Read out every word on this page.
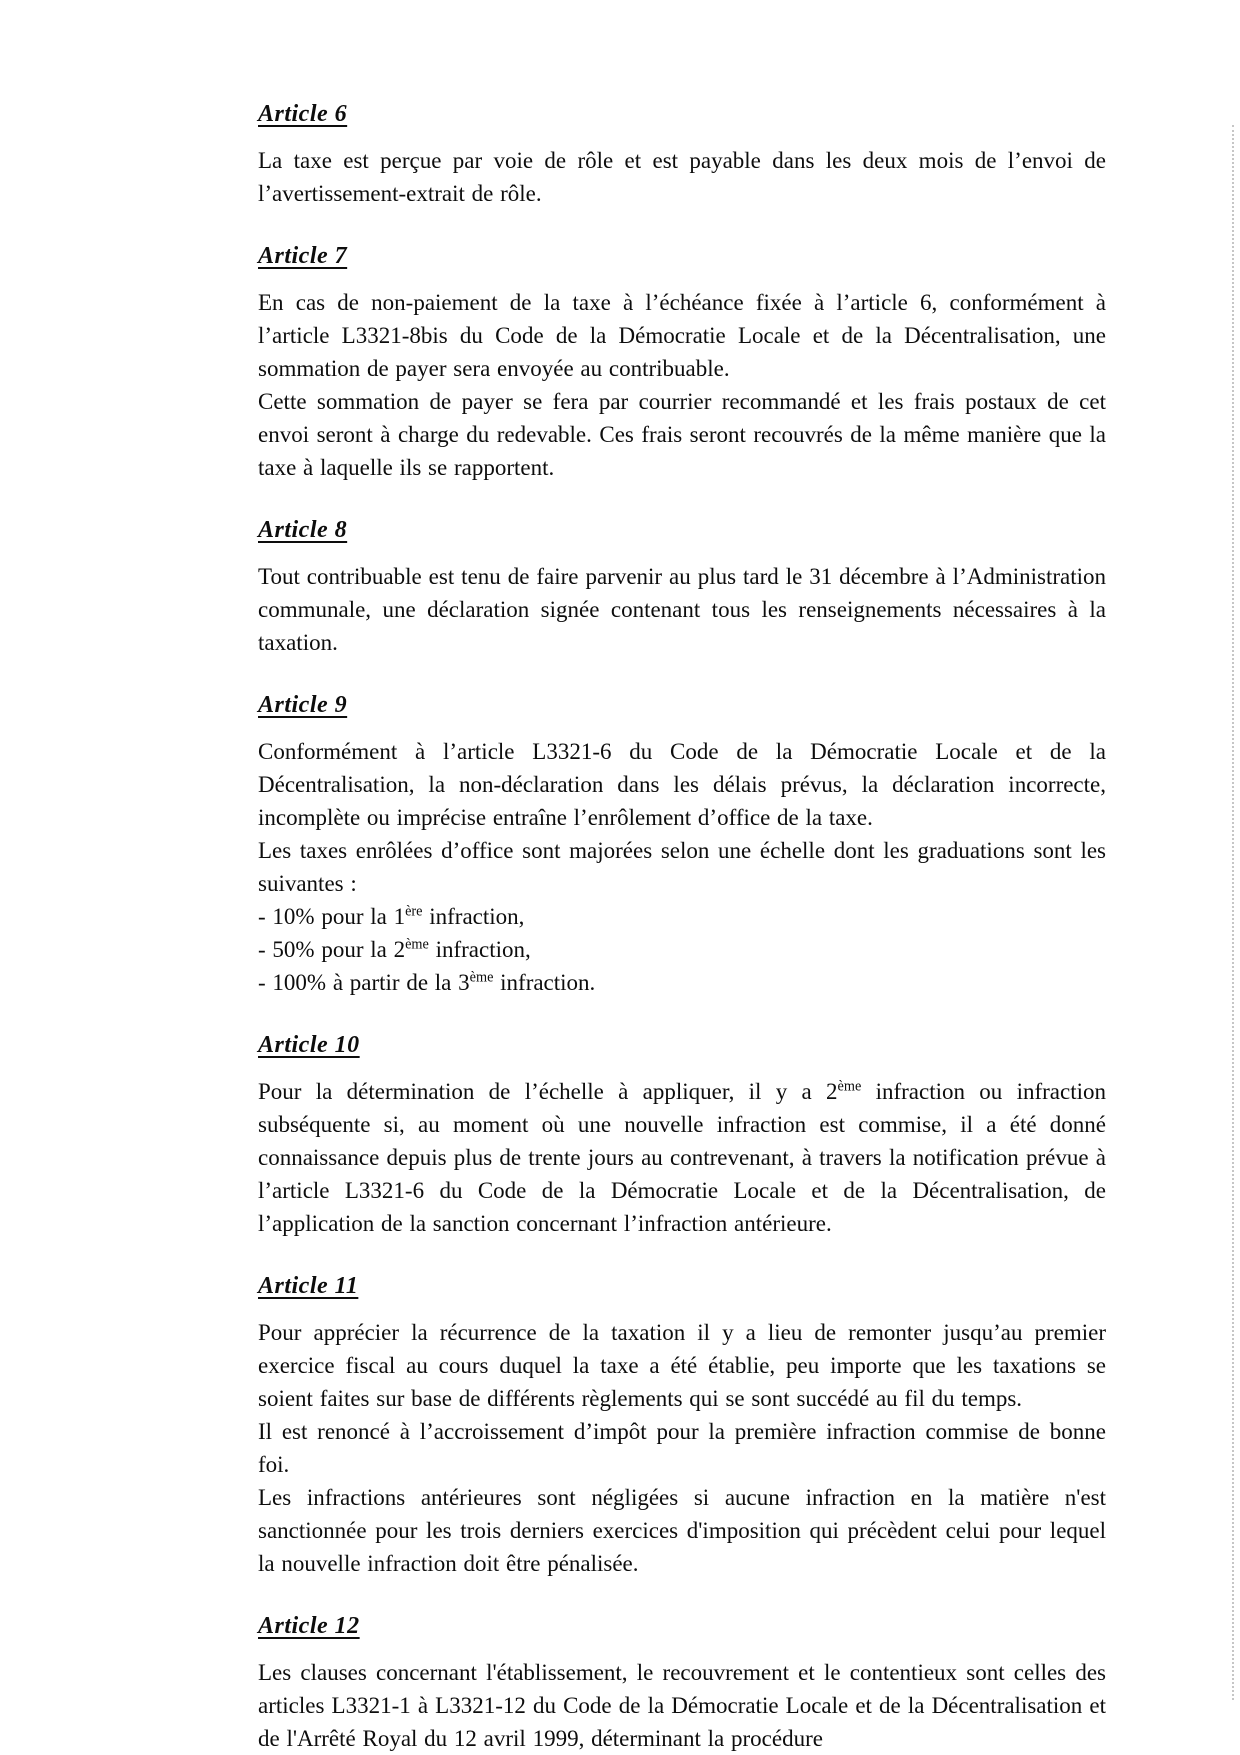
Article 6

La taxe est perçue par voie de rôle et est payable dans les deux mois de l’envoi de l’avertissement-extrait de rôle.

Article 7

En cas de non-paiement de la taxe à l’échéance fixée à l’article 6, conformément à l’article L3321-8bis du Code de la Démocratie Locale et de la Décentralisation, une sommation de payer sera envoyée au contribuable.

Cette sommation de payer se fera par courrier recommandé et les frais postaux de cet envoi seront à charge du redevable. Ces frais seront recouvrés de la même manière que la taxe à laquelle ils se rapportent.

Article 8

Tout contribuable est tenu de faire parvenir au plus tard le 31 décembre à l’Administration communale, une déclaration signée contenant tous les renseignements nécessaires à la taxation.

Article 9

Conformément à l’article L3321-6 du Code de la Démocratie Locale et de la Décentralisation, la non-déclaration dans les délais prévus, la déclaration incorrecte, incomplète ou imprécise entraîne l’enrôlement d’office de la taxe.

Les taxes enrôlées d’office sont majorées selon une échelle dont les graduations sont les suivantes :

- 10% pour la 1ère infraction,

- 50% pour la 2ème infraction,

- 100% à partir de la 3ème infraction.

Article 10

Pour la détermination de l’échelle à appliquer, il y a 2ème infraction ou infraction subséquente si, au moment où une nouvelle infraction est commise, il a été donné connaissance depuis plus de trente jours au contrevenant, à travers la notification prévue à l’article L3321-6 du Code de la Démocratie Locale et de la Décentralisation, de l’application de la sanction concernant l’infraction antérieure.

Article 11

Pour apprécier la récurrence de la taxation il y a lieu de remonter jusqu’au premier exercice fiscal au cours duquel la taxe a été établie, peu importe que les taxations se soient faites sur base de différents règlements qui se sont succédé au fil du temps.

Il est renoncé à l’accroissement d’impôt pour la première infraction commise de bonne foi.

Les infractions antérieures sont négligées si aucune infraction en la matière n'est sanctionnée pour les trois derniers exercices d'imposition qui précèdent celui pour lequel la nouvelle infraction doit être pénalisée.

Article 12

Les clauses concernant l'établissement, le recouvrement et le contentieux sont celles des articles L3321-1 à L3321-12 du Code de la Démocratie Locale et de la Décentralisation et de l'Arrêté Royal du 12 avril 1999, déterminant la procédure
